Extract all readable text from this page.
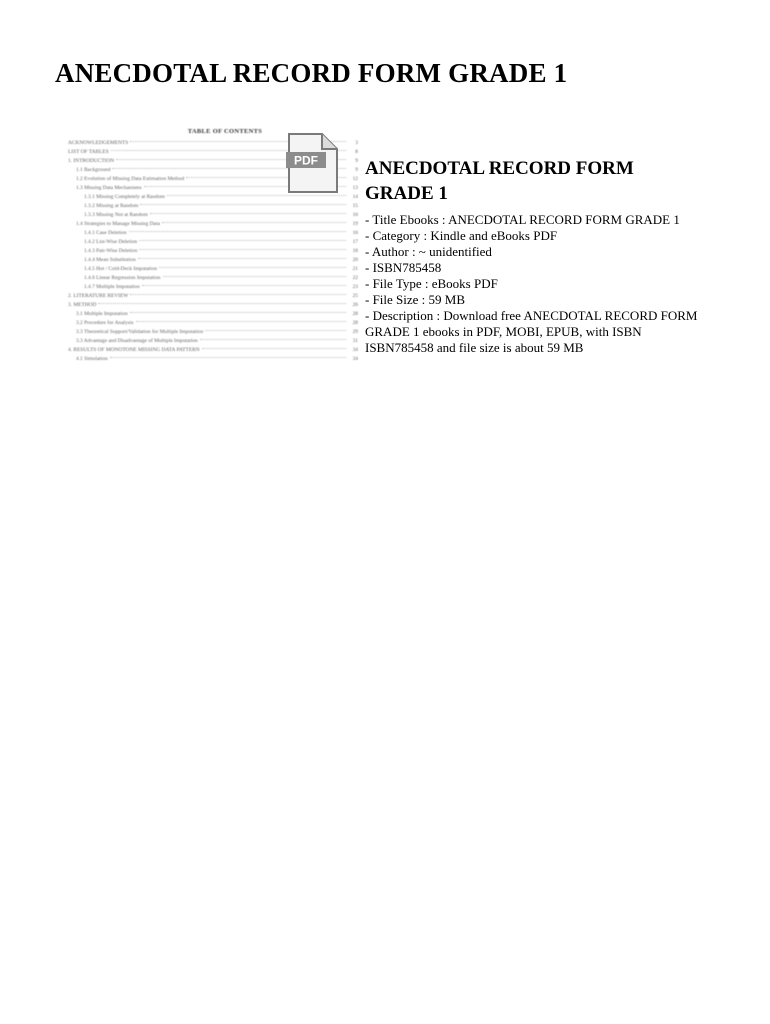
ANECDOTAL RECORD FORM GRADE 1
TABLE OF CONTENTS
ACKNOWLEDGEMENTS	3
LIST OF TABLES	8
1. INTRODUCTION	9
1.1 Background	9
1.2 Evolution of Missing Data Estimation Method	12
1.3 Missing Data Mechanisms	13
1.3.1 Missing Completely at Random	14
1.3.2 Missing at Random	15
1.3.3 Missing Not at Random	16
1.4 Strategies to Manage Missing Data	19
1.4.1 Case Deletion	16
1.4.2 List-Wise Deletion	17
1.4.3 Pair-Wise Deletion	18
1.4.4 Mean Substitution	20
1.4.5 Hot / Cold-Deck Imputation	21
1.4.6 Linear Regression Imputation	22
1.4.7 Multiple Imputation	23
2. LITERATURE REVIEW	25
3. METHOD	26
3.1 Multiple Imputation	28
3.2 Procedure for Analysis	28
3.3 Theoretical Support/Validation for Multiple Imputation	29
3.3 Advantage and Disadvantage of Multiple Imputation	31
4. RESULTS OF MONOTONE MISSING DATA PATTERN	34
4.1 Simulation	34
PDF ANECDOTAL RECORD FORM GRADE 1
- Title Ebooks : ANECDOTAL RECORD FORM GRADE 1
- Category : Kindle and eBooks PDF
- Author : ~ unidentified
- ISBN785458
- File Type : eBooks PDF
- File Size : 59 MB
- Description : Download free ANECDOTAL RECORD FORM GRADE 1 ebooks in PDF, MOBI, EPUB, with ISBN ISBN785458 and file size is about 59 MB
